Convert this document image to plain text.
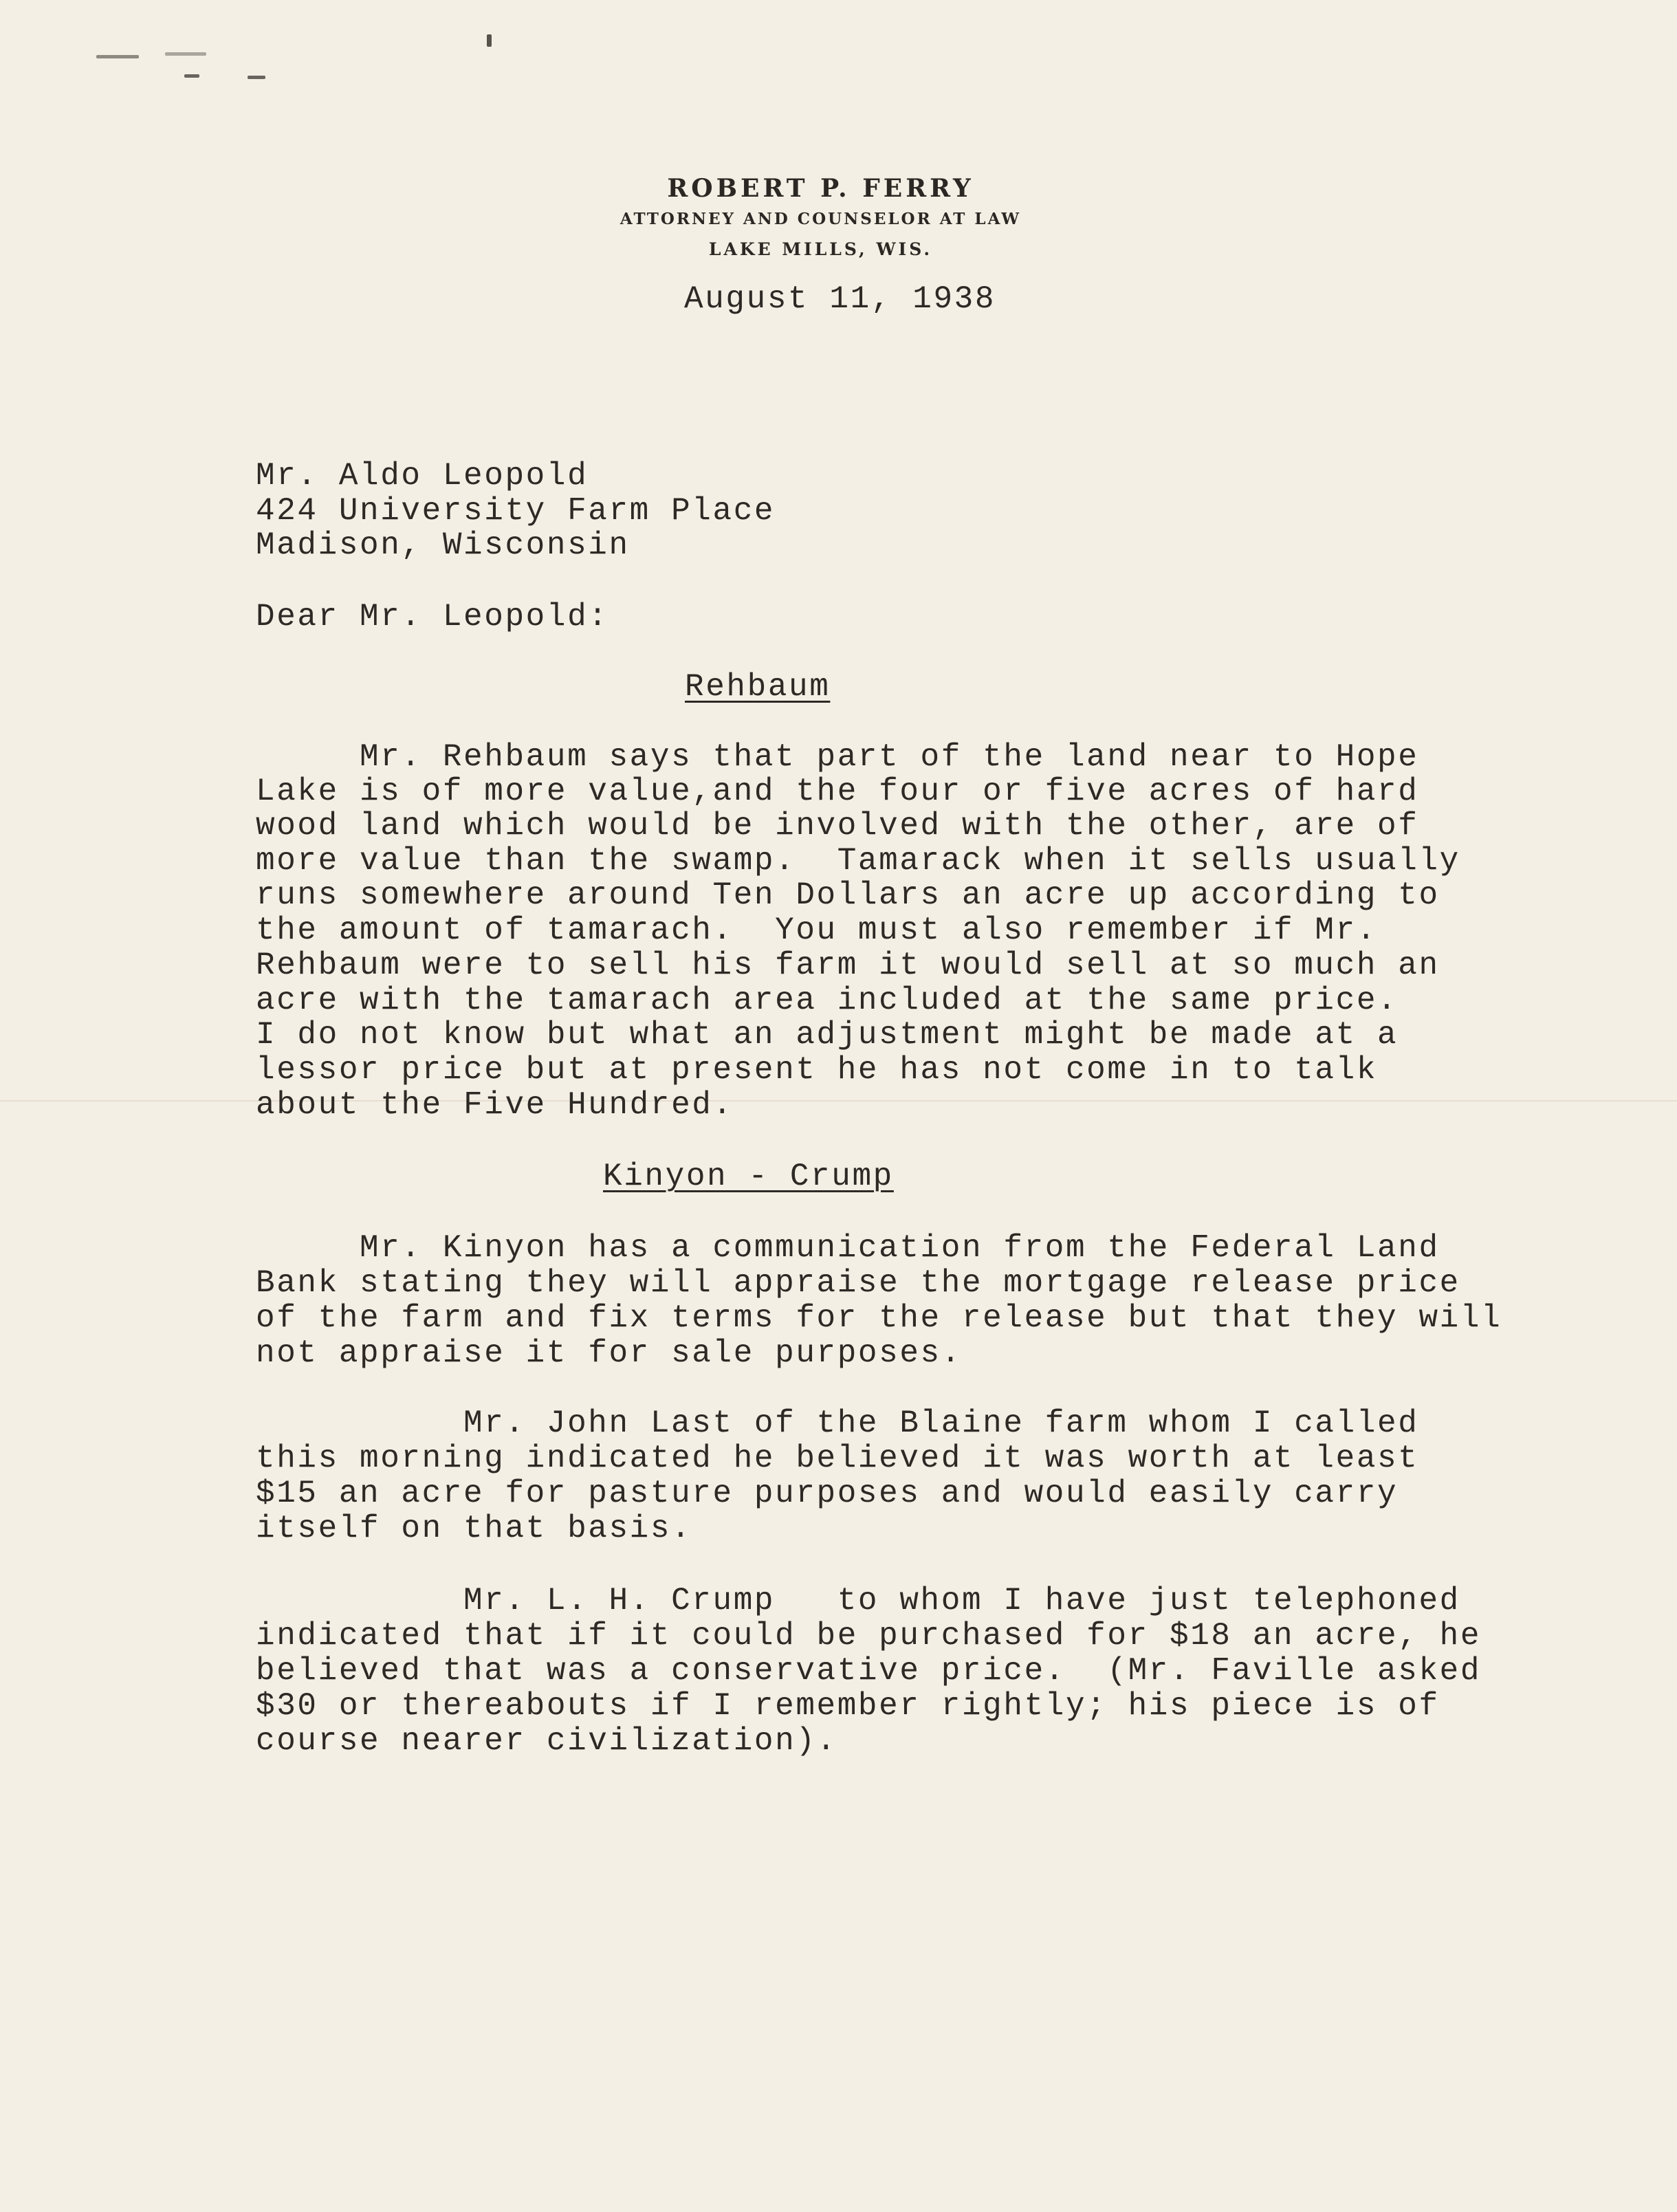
ROBERT P. FERRY
ATTORNEY AND COUNSELOR AT LAW
LAKE MILLS, WIS.
August 11, 1938
Mr. Aldo Leopold
424 University Farm Place
Madison, Wisconsin
Dear Mr. Leopold:
Rehbaum
Mr. Rehbaum says that part of the land near to Hope
Lake is of more value,and the four or five acres of hard
wood land which would be involved with the other, are of
more value than the swamp.  Tamarack when it sells usually
runs somewhere around Ten Dollars an acre up according to
the amount of tamarach.  You must also remember if Mr.
Rehbaum were to sell his farm it would sell at so much an
acre with the tamarach area included at the same price.
I do not know but what an adjustment might be made at a
lessor price but at present he has not come in to talk
about the Five Hundred.
Kinyon - Crump
Mr. Kinyon has a communication from the Federal Land
Bank stating they will appraise the mortgage release price
of the farm and fix terms for the release but that they will
not appraise it for sale purposes.
Mr. John Last of the Blaine farm whom I called
this morning indicated he believed it was worth at least
$15 an acre for pasture purposes and would easily carry
itself on that basis.
Mr. L. H. Crump   to whom I have just telephoned
indicated that if it could be purchased for $18 an acre, he
believed that was a conservative price.  (Mr. Faville asked
$30 or thereabouts if I remember rightly; his piece is of
course nearer civilization).
